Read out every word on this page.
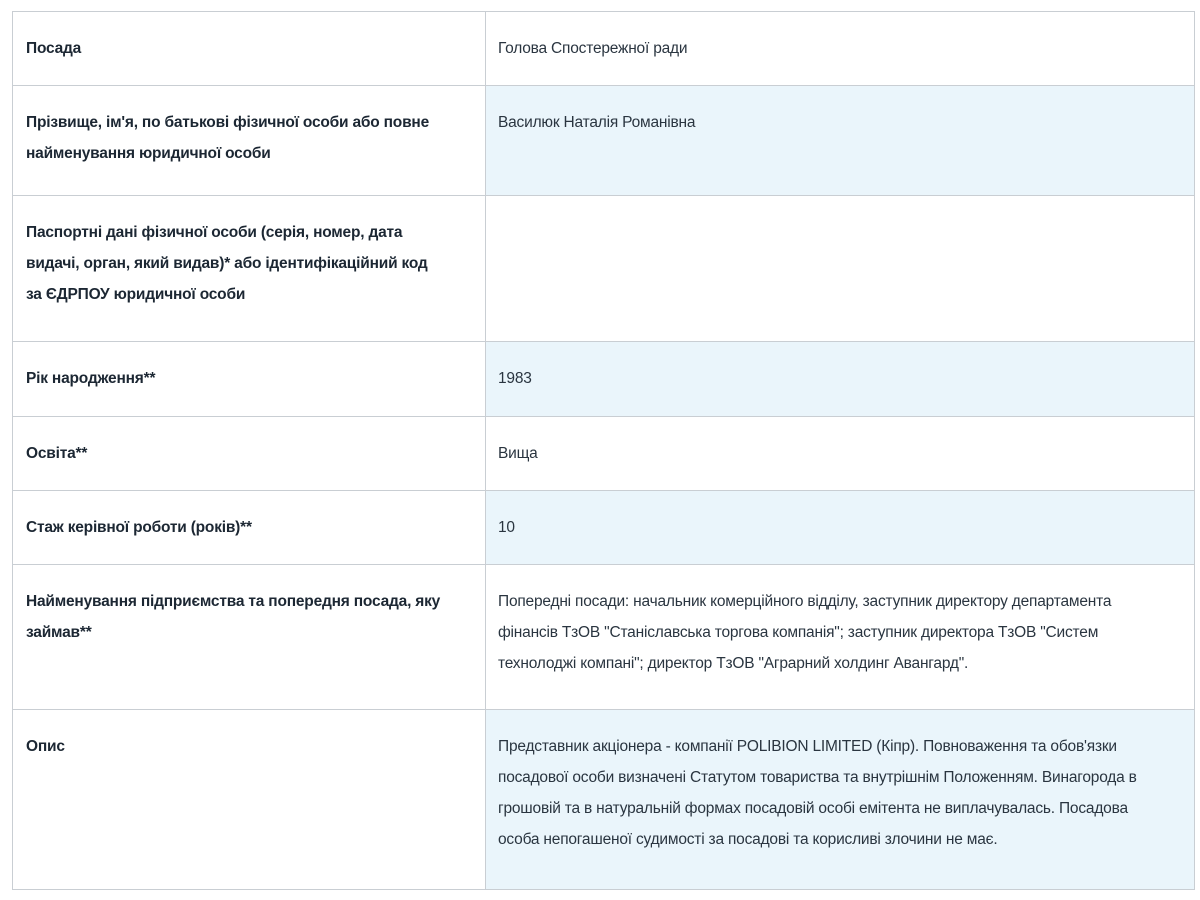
Посада	Голова Спостережної ради
Прізвище, ім'я, по батькові фізичної особи або повне найменування юридичної особи	Василюк Наталія Романівна
Паспортні дані фізичної особи (серія, номер, дата видачі, орган, який видав)* або ідентифікаційний код за ЄДРПОУ юридичної особи	
Рік народження**	1983
Освіта**	Вища
Стаж керівної роботи (років)**	10
Найменування підприємства та попередня посада, яку займав**	Попередні посади: начальник комерційного відділу, заступник директору департамента фінансів ТзОВ "Станіславська торгова компанія"; заступник директора ТзОВ "Систем технолоджі компані"; директор ТзОВ "Аграрний холдинг Авангард".
Опис	Представник акціонера - компанії POLIBION LIMITED (Кіпр). Повноваження та обов'язки посадової особи визначені Статутом товариства та внутрішнім Положенням. Винагорода в грошовій та в натуральній формах посадовій особі емітента не виплачувалась. Посадова особа непогашеної судимості за посадові та корисливі злочини не має.
